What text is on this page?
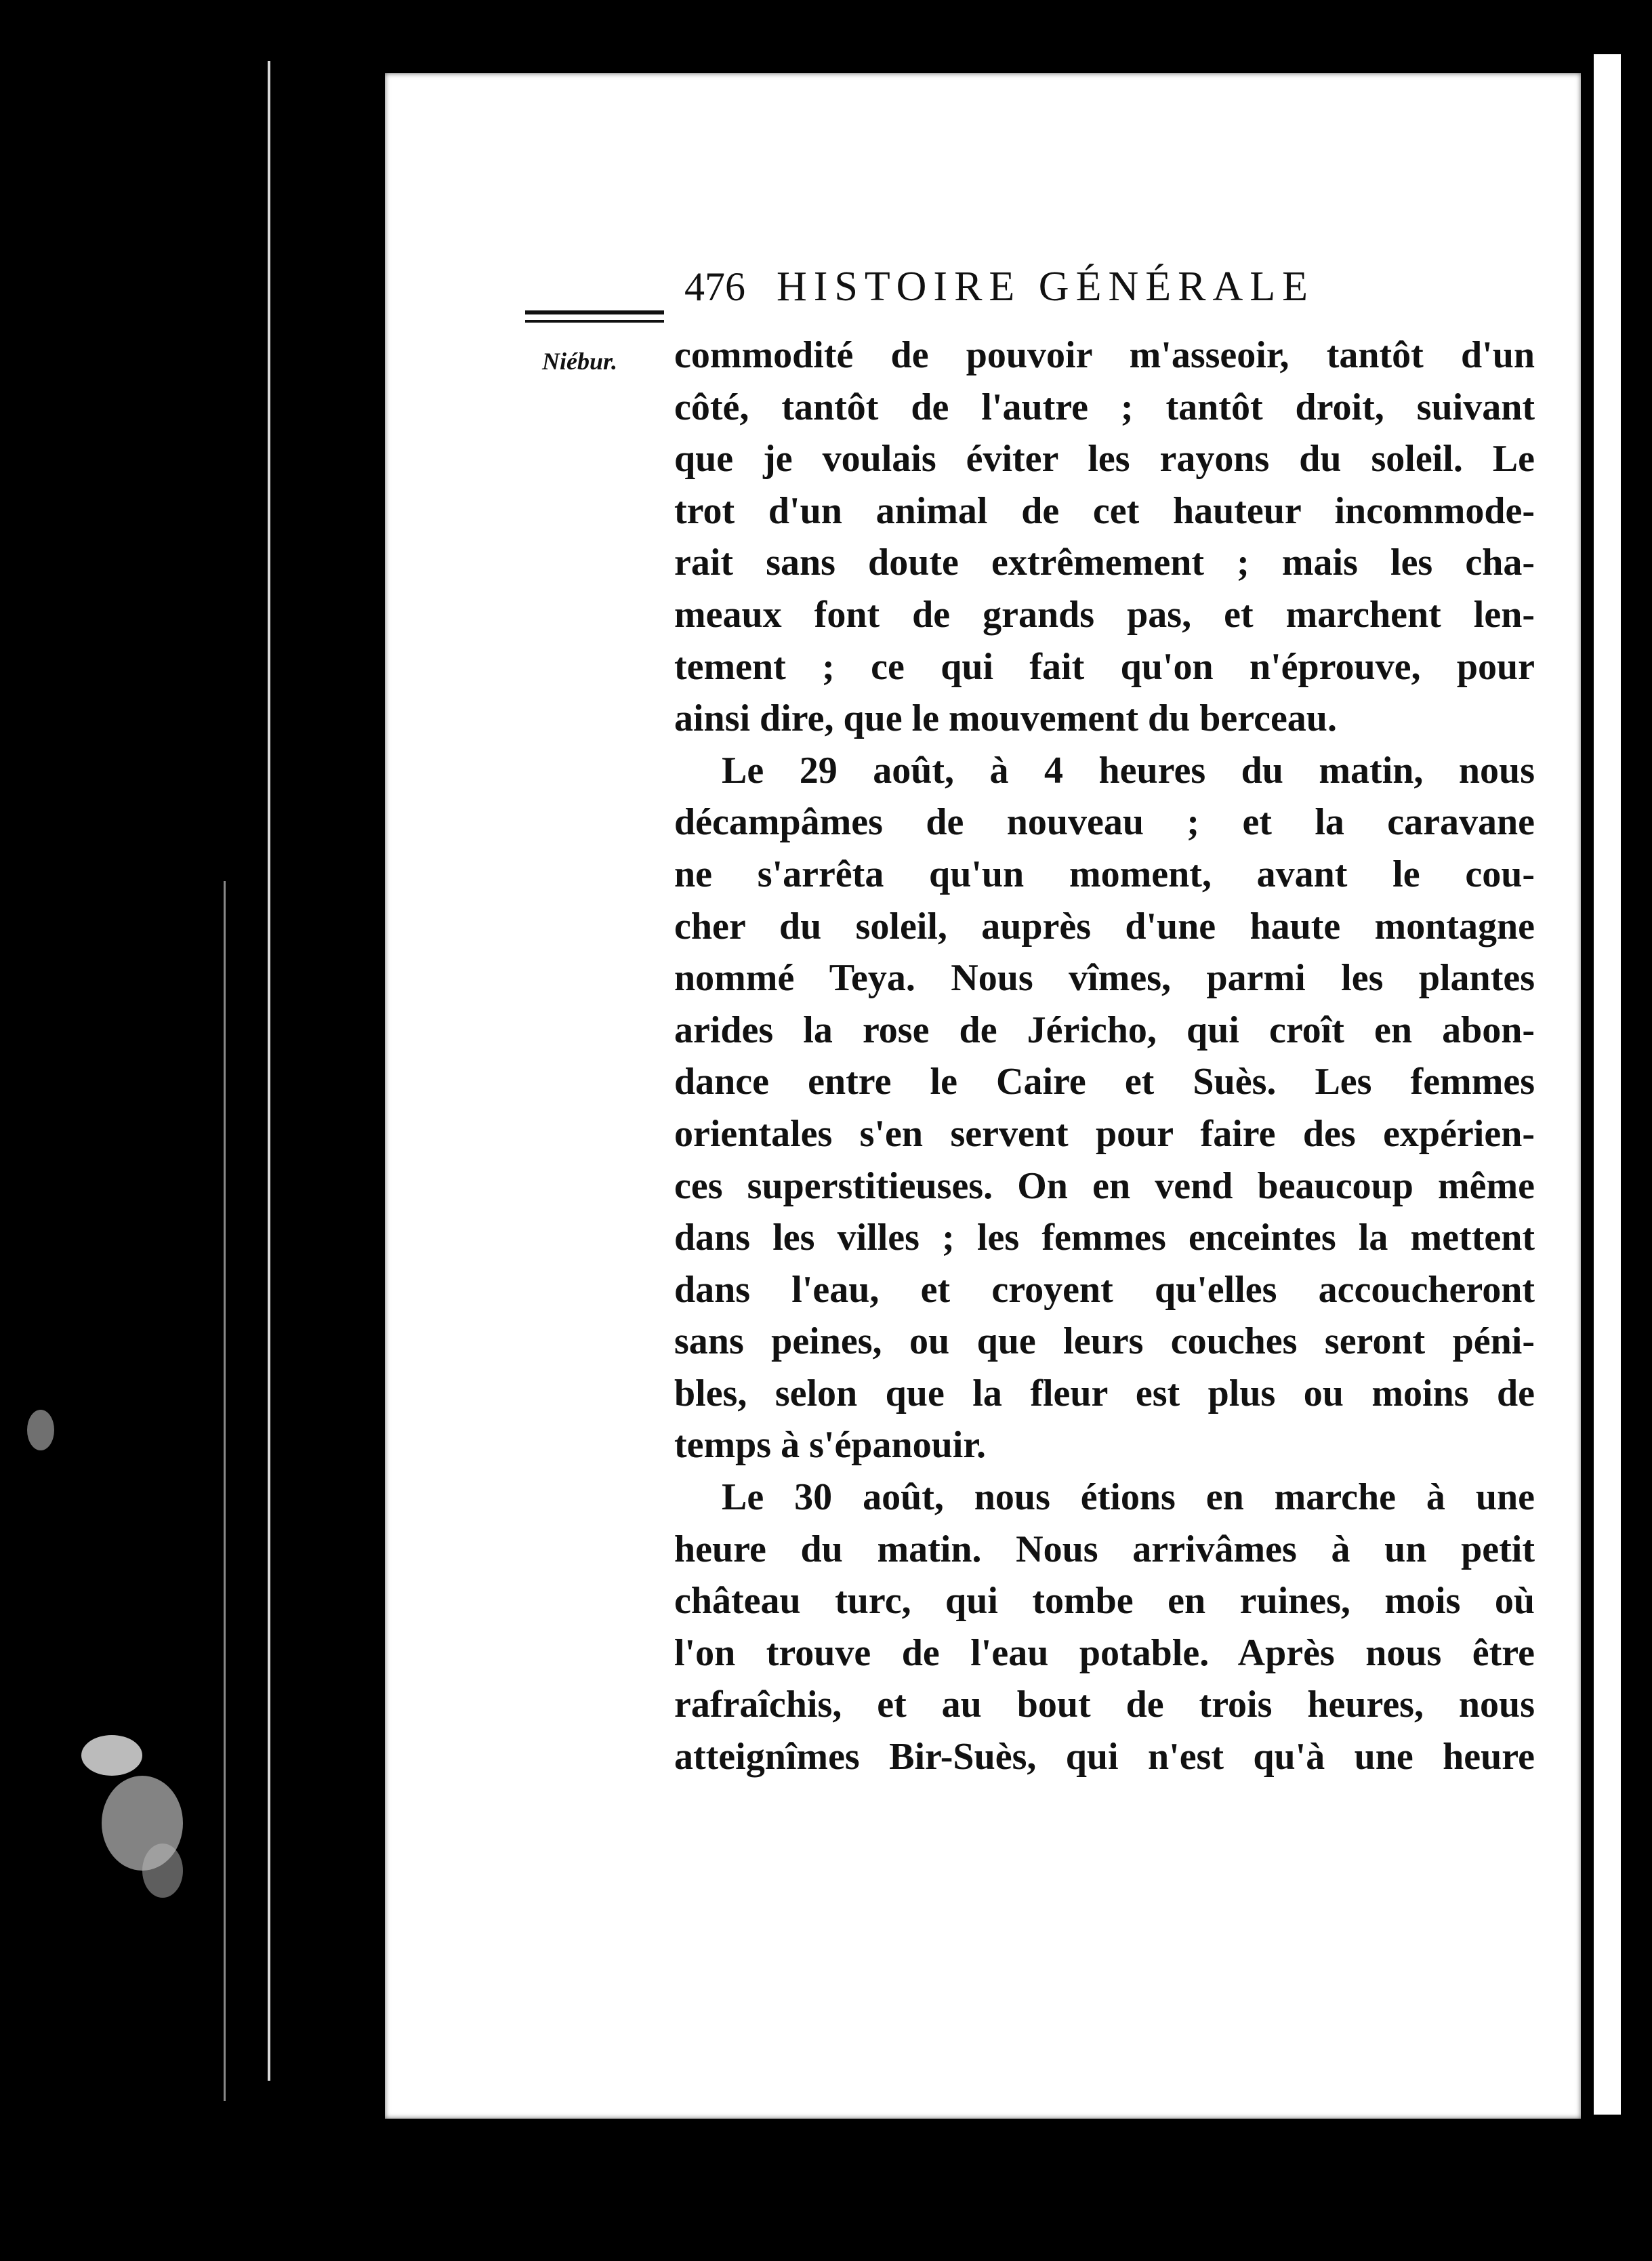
476 HISTOIRE GÉNÉRALE
Niébur. commodité de pouvoir m'asseoir, tantôt d'un
côté, tantôt de l'autre ; tantôt droit, suivant
que je voulais éviter les rayons du soleil. Le
trot d'un animal de cet hauteur incommode-
rait sans doute extrêmement ; mais les cha-
meaux font de grands pas, et marchent len-
tement ; ce qui fait qu'on n'éprouve, pour
ainsi dire, que le mouvement du berceau.
Le 29 août, à 4 heures du matin, nous
décampâmes de nouveau ; et la caravane
ne s'arrêta qu'un moment, avant le cou-
cher du soleil, auprès d'une haute montagne
nommé Teya. Nous vîmes, parmi les plantes
arides la rose de Jéricho, qui croît en abon-
dance entre le Caire et Suès. Les femmes
orientales s'en servent pour faire des expérien-
ces superstitieuses. On en vend beaucoup même
dans les villes ; les femmes enceintes la mettent
dans l'eau, et croyent qu'elles accoucheront
sans peines, ou que leurs couches seront péni-
bles, selon que la fleur est plus ou moins de
temps à s'épanouir.
Le 30 août, nous étions en marche à une
heure du matin. Nous arrivâmes à un petit
château turc, qui tombe en ruines, mois où
l'on trouve de l'eau potable. Après nous être
rafraîchis, et au bout de trois heures, nous
atteignîmes Bir-Suès, qui n'est qu'à une heure
